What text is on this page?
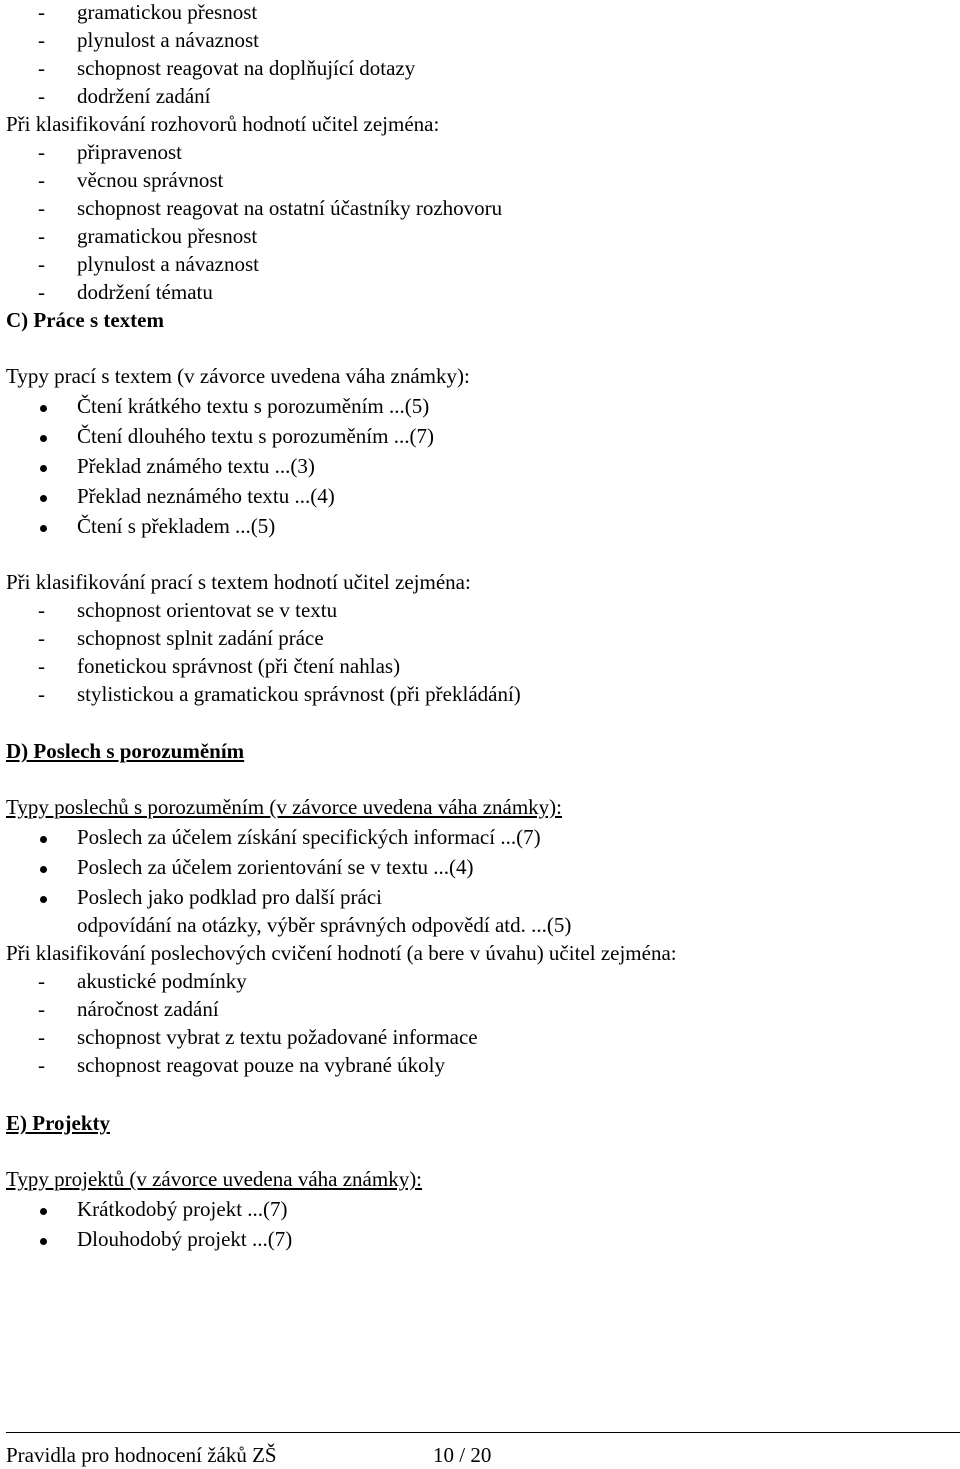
- gramatickou přesnost
- plynulost a návaznost
- schopnost reagovat na doplňující dotazy
- dodržení zadání
Při klasifikování rozhovorů hodnotí učitel zejména:
- připravenost
- věcnou správnost
- schopnost reagovat na ostatní účastníky rozhovoru
- gramatickou přesnost
- plynulost a návaznost
- dodržení tématu
C) Práce s textem
Typy prací s textem (v závorce uvedena váha známky):
Čtení krátkého textu s porozuměním ...(5)
Čtení dlouhého textu s porozuměním ...(7)
Překlad známého textu ...(3)
Překlad neznámého textu ...(4)
Čtení s překladem ...(5)
Při klasifikování prací s textem hodnotí učitel zejména:
- schopnost orientovat se v textu
- schopnost splnit zadání práce
- fonetickou správnost (při čtení nahlas)
- stylistickou a gramatickou správnost (při překládání)
D) Poslech s porozuměním
Typy poslechů s porozuměním (v závorce uvedena váha známky):
Poslech za účelem získání specifických informací ...(7)
Poslech za účelem zorientování se v textu ...(4)
Poslech jako podklad pro další práci
odpovídání na otázky, výběr správných odpovědí atd. ...(5)
Při klasifikování poslechových cvičení hodnotí (a bere v úvahu) učitel zejména:
- akustické podmínky
- náročnost zadání
- schopnost vybrat z textu požadované informace
- schopnost reagovat pouze na vybrané úkoly
E) Projekty
Typy projektů (v závorce uvedena váha známky):
Krátkodobý projekt ...(7)
Dlouhodobý projekt ...(7)
Pravidla pro hodnocení žáků ZŠ	10 / 20
